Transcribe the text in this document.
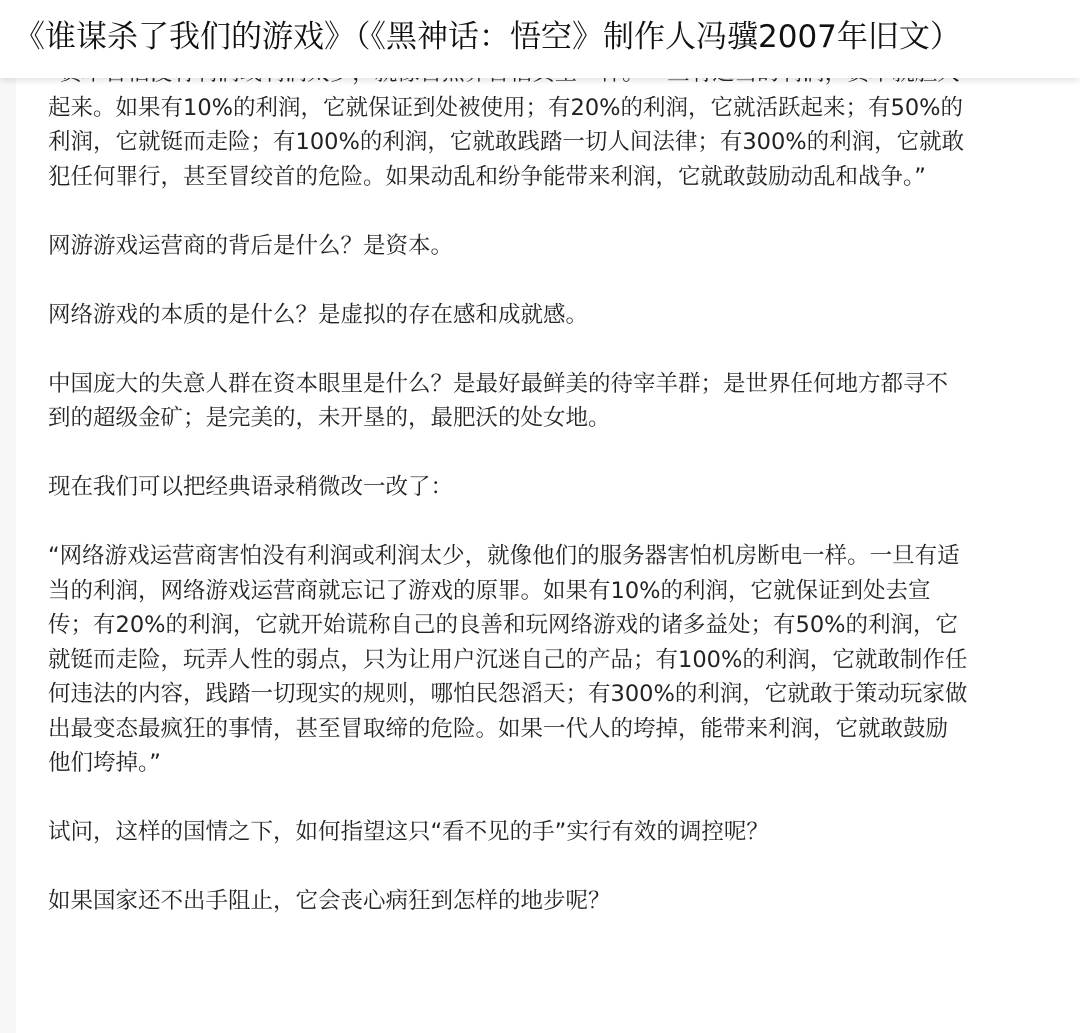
起来。如果有10%的利润，它就保证到处被使用；有20%的利润，它就活跃起来；有50%的
利润，它就铤而走险；有100%的利润，它就敢践踏一切人间法律；有300%的利润，它就敢
犯任何罪行，甚至冒绞首的危险。如果动乱和纷争能带来利润，它就敢鼓励动乱和战争。”
网游游戏运营商的背后是什么？是资本。
网络游戏的本质的是什么？是虚拟的存在感和成就感。
中国庞大的失意人群在资本眼里是什么？是最好最鲜美的待宰羊群；是世界任何地方都寻不
到的超级金矿；是完美的，未开垦的，最肥沃的处女地。
现在我们可以把经典语录稍微改一改了：
“网络游戏运营商害怕没有利润或利润太少，就像他们的服务器害怕机房断电一样。一旦有适
当的利润，网络游戏运营商就忘记了游戏的原罪。如果有10%的利润，它就保证到处去宣
传；有20%的利润，它就开始谎称自己的良善和玩网络游戏的诸多益处；有50%的利润，它
就铤而走险，玩弄人性的弱点，只为让用户沉迷自己的产品；有100%的利润，它就敢制作任
何违法的内容，践踏一切现实的规则，哪怕民怨滔天；有300%的利润，它就敢于策动玩家做
出最变态最疯狂的事情，甚至冒取缔的危险。如果一代人的垮掉，能带来利润，它就敢鼓励
他们垮掉。”
试问，这样的国情之下，如何指望这只“看不见的手”实行有效的调控呢？
如果国家还不出手阻止，它会丧心病狂到怎样的地步呢？
《谁谋杀了我们的游戏》（《黑神话：悟空》制作人冯骥2007年旧文）
